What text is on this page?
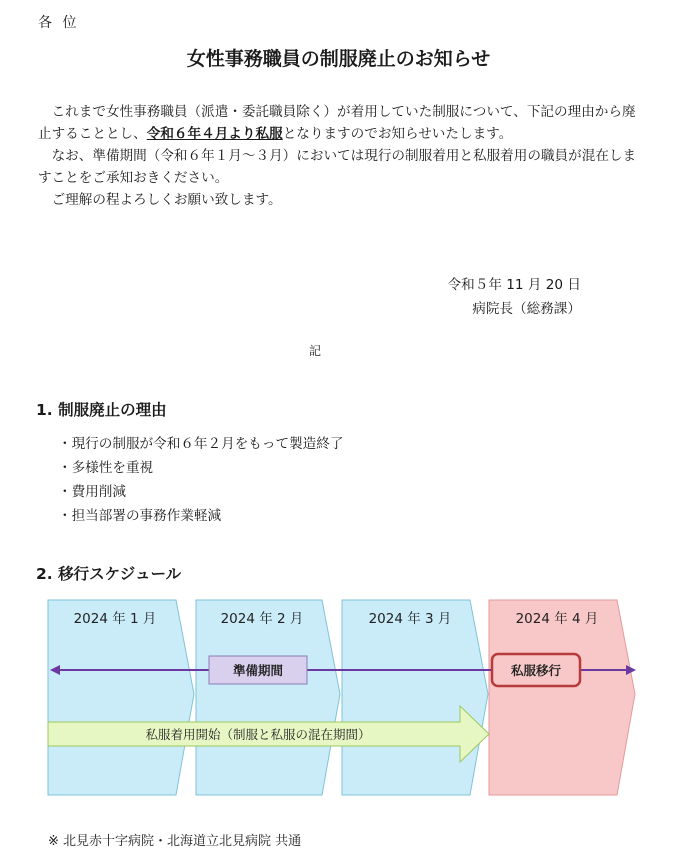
各 位
女性事務職員の制服廃止のお知らせ

これまで女性事務職員（派遣・委託職員除く）が着用していた制服について、下記の理由から廃止することとし、令和６年４月より私服となりますのでお知らせいたします。

なお、準備期間（令和６年１月～３月）においては現行の制服着用と私服着用の職員が混在しますことをご承知おきください。

ご理解の程よろしくお願い致します。

令和５年 11 月 20 日
病院長（総務課）
記
1. 制服廃止の理由
・現行の制服が令和６年２月をもって製造終了
・多様性を重視
・費用削減
・担当部署の事務作業軽減
2. 移行スケジュール
2024 年 1 月	2024 年 2 月	2024 年 3 月	2024 年 4 月
準備期間	私服移行
私服着用開始（制服と私服の混在期間）
※ 北見赤十字病院・北海道立北見病院 共通
